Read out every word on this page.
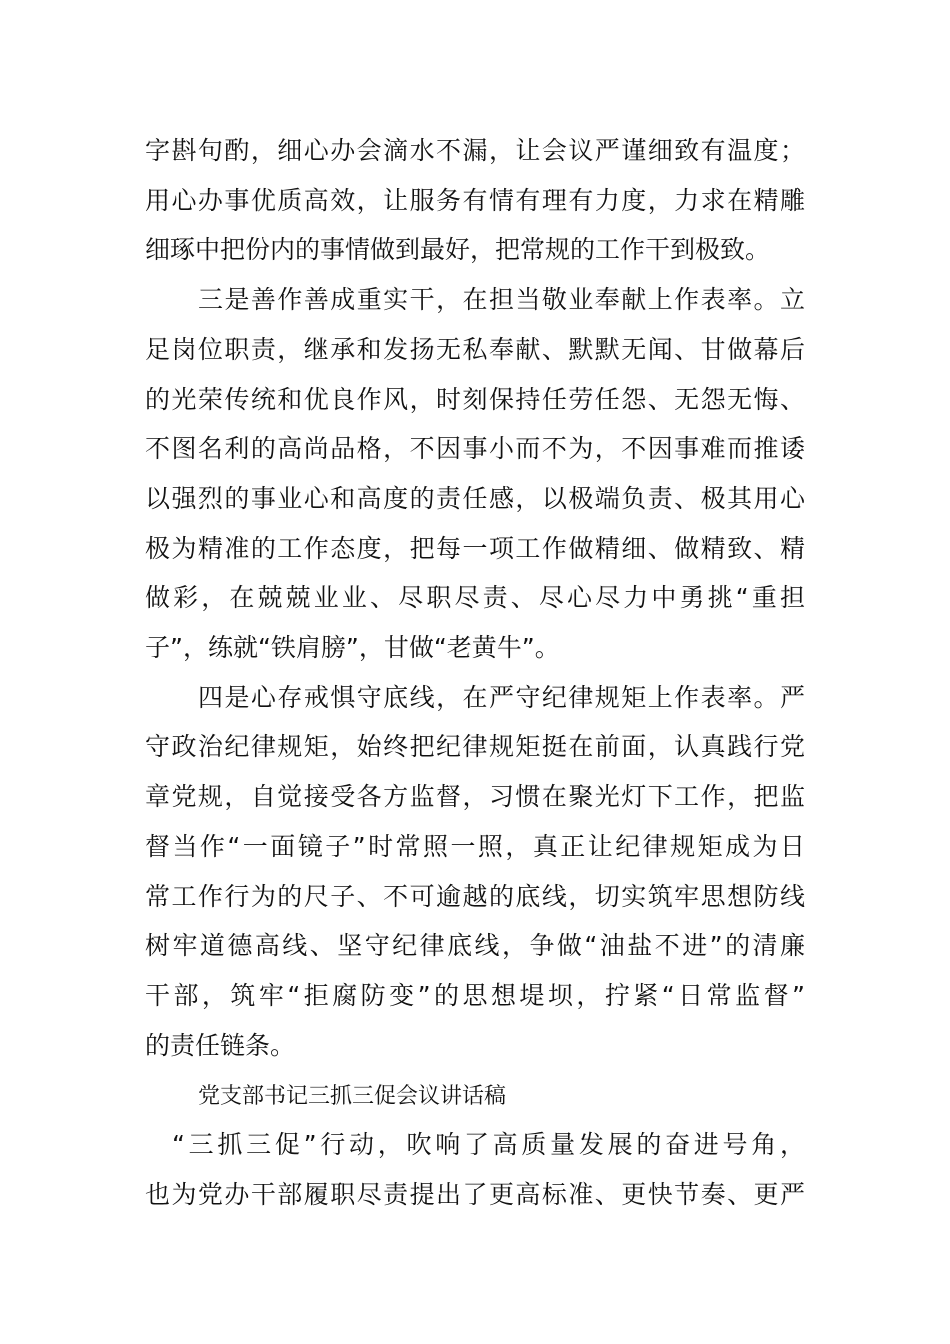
字斟句酌，细心办会滴水不漏，让会议严谨细致有温度；
用心办事优质高效，让服务有情有理有力度，力求在精雕
细琢中把份内的事情做到最好，把常规的工作干到极致。
三是善作善成重实干，在担当敬业奉献上作表率。立
足岗位职责，继承和发扬无私奉献、默默无闻、甘做幕后
的光荣传统和优良作风，时刻保持任劳任怨、无怨无悔、
不图名利的高尚品格，不因事小而不为，不因事难而推诿
以强烈的事业心和高度的责任感，以极端负责、极其用心
极为精准的工作态度，把每一项工作做精细、做精致、精
做彩，在兢兢业业、尽职尽责、尽心尽力中勇挑“重担
子”，练就“铁肩膀”，甘做“老黄牛”。
四是心存戒惧守底线，在严守纪律规矩上作表率。严
守政治纪律规矩，始终把纪律规矩挺在前面，认真践行党
章党规，自觉接受各方监督，习惯在聚光灯下工作，把监
督当作“一面镜子”时常照一照，真正让纪律规矩成为日
常工作行为的尺子、不可逾越的底线，切实筑牢思想防线
树牢道德高线、坚守纪律底线，争做“油盐不进”的清廉
干部，筑牢“拒腐防变”的思想堤坝，拧紧“日常监督”
的责任链条。
党支部书记三抓三促会议讲话稿
“三抓三促”行动，吹响了高质量发展的奋进号角，
也为党办干部履职尽责提出了更高标准、更快节奏、更严
